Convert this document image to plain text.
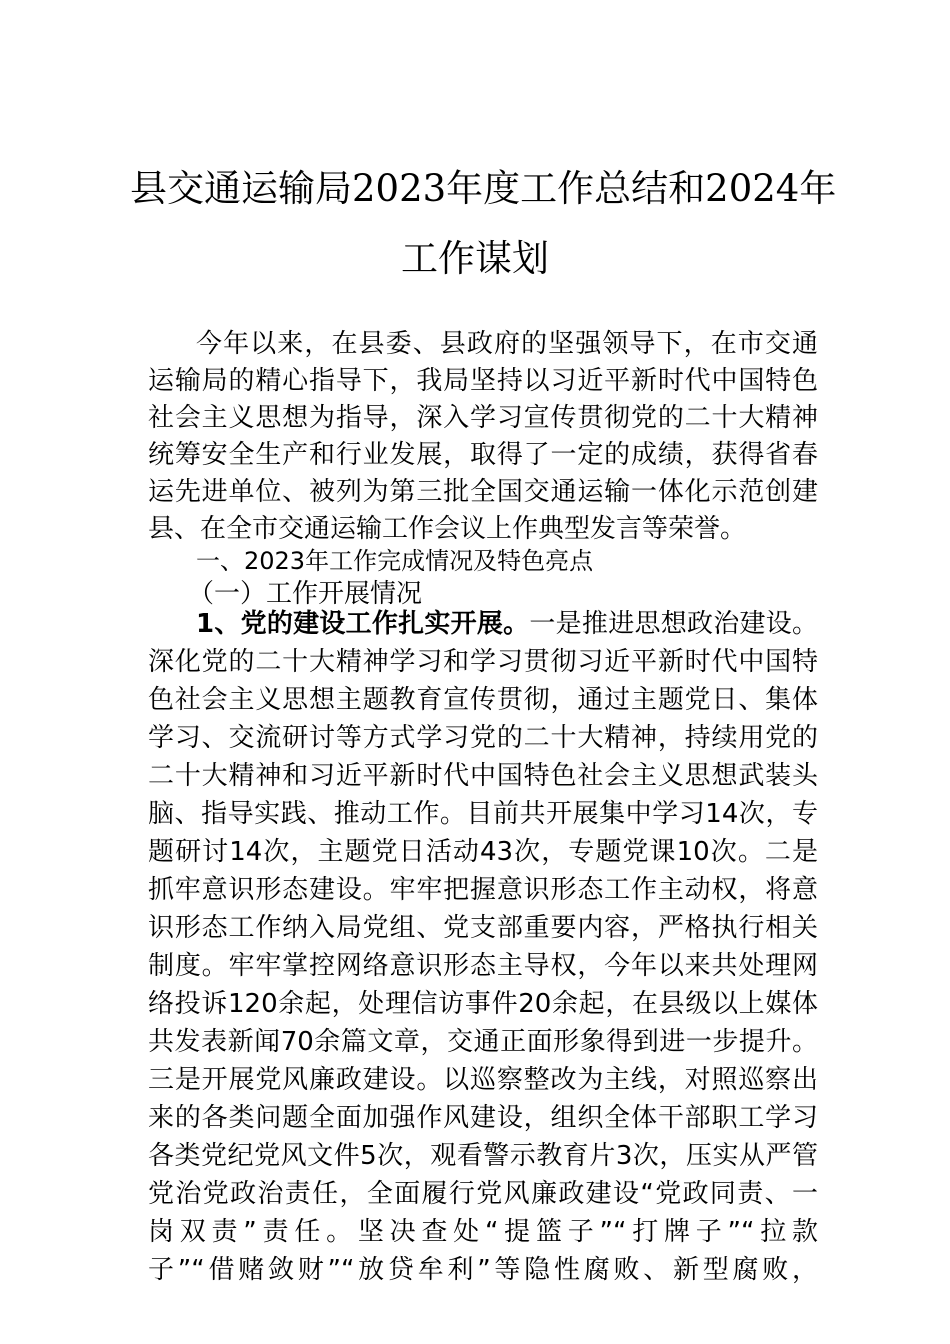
县交通运输局2023年度工作总结和2024年
工作谋划
今年以来，在县委、县政府的坚强领导下，在市交通
运输局的精心指导下，我局坚持以习近平新时代中国特色
社会主义思想为指导，深入学习宣传贯彻党的二十大精神
统筹安全生产和行业发展，取得了一定的成绩，获得省春
运先进单位、被列为第三批全国交通运输一体化示范创建
县、在全市交通运输工作会议上作典型发言等荣誉。
一、2023年工作完成情况及特色亮点
（一）工作开展情况
1、党的建设工作扎实开展。一是推进思想政治建设。
深化党的二十大精神学习和学习贯彻习近平新时代中国特
色社会主义思想主题教育宣传贯彻，通过主题党日、集体
学习、交流研讨等方式学习党的二十大精神，持续用党的
二十大精神和习近平新时代中国特色社会主义思想武装头
脑、指导实践、推动工作。目前共开展集中学习14次，专
题研讨14次，主题党日活动43次，专题党课10次。二是
抓牢意识形态建设。牢牢把握意识形态工作主动权，将意
识形态工作纳入局党组、党支部重要内容，严格执行相关
制度。牢牢掌控网络意识形态主导权，今年以来共处理网
络投诉120余起，处理信访事件20余起，在县级以上媒体
共发表新闻70余篇文章，交通正面形象得到进一步提升。
三是开展党风廉政建设。以巡察整改为主线，对照巡察出
来的各类问题全面加强作风建设，组织全体干部职工学习
各类党纪党风文件5次，观看警示教育片3次，压实从严管
党治党政治责任，全面履行党风廉政建设“党政同责、一
岗双责”责任。坚决查处“提篮子”“打牌子”“拉款
子”“借赌敛财”“放贷牟利”等隐性腐败、新型腐败，
